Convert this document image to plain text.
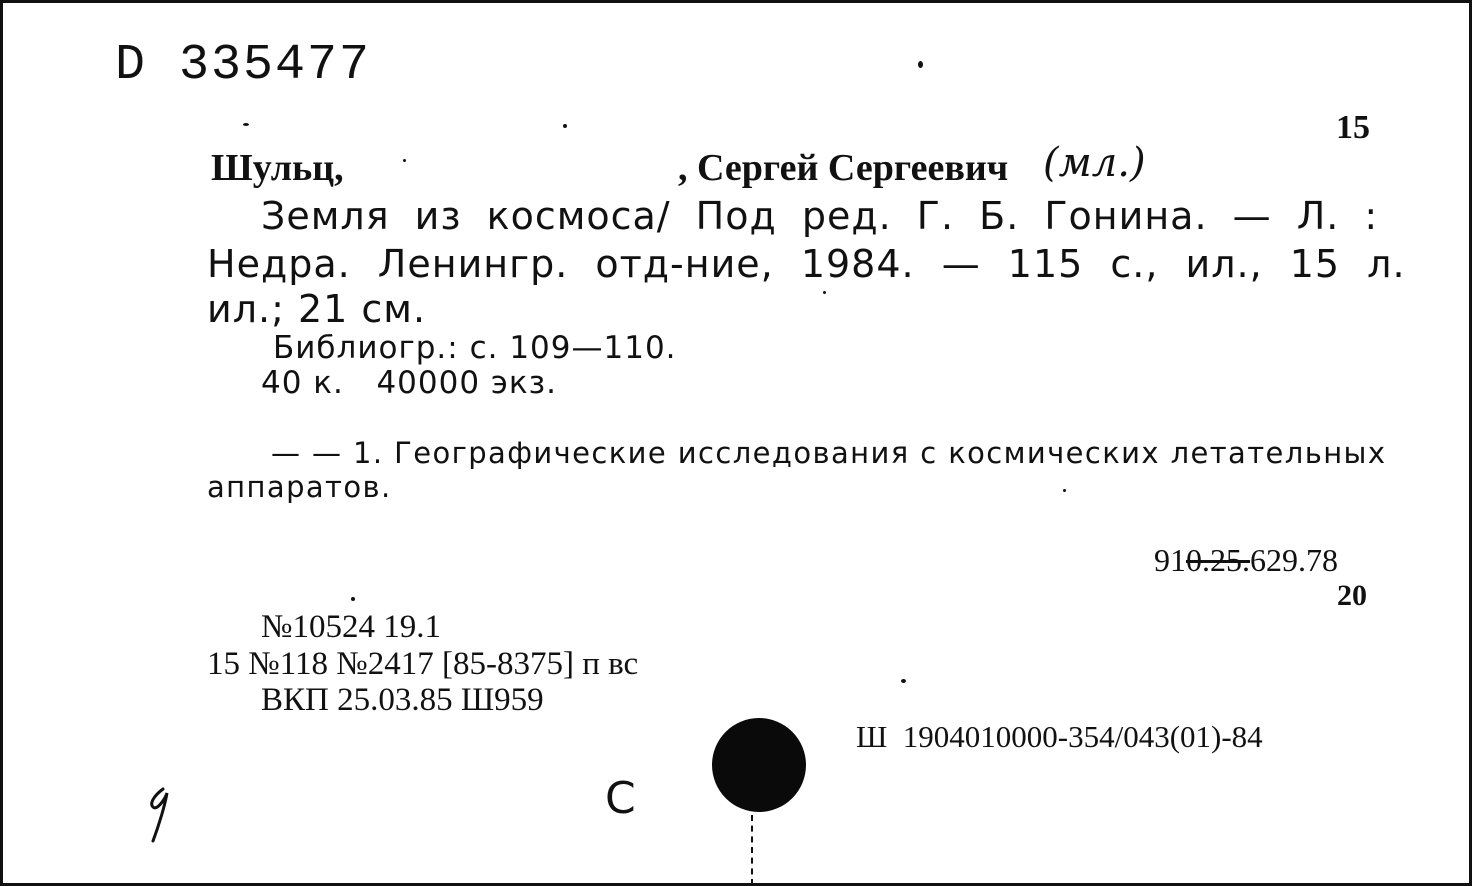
D 335477
15
Шульц,	, Сергей Сергеевич (мл.)
Земля из космоса/ Под ред. Г. Б. Гонина. — Л. :
Недра. Ленингр. отд-ние, 1984. — 115 с., ил., 15 л.
ил.; 21 см.
Библиогр.: с. 109—110.
40 к.   40000 экз.
— — 1. Географические исследования с космических летательных
аппаратов.
910.25.629.78
20
№10524 19.1
15 №118 №2417 [85-8375] п вс
ВКП 25.03.85 Ш959
Ш  1904010000-354/043(01)-84
С
